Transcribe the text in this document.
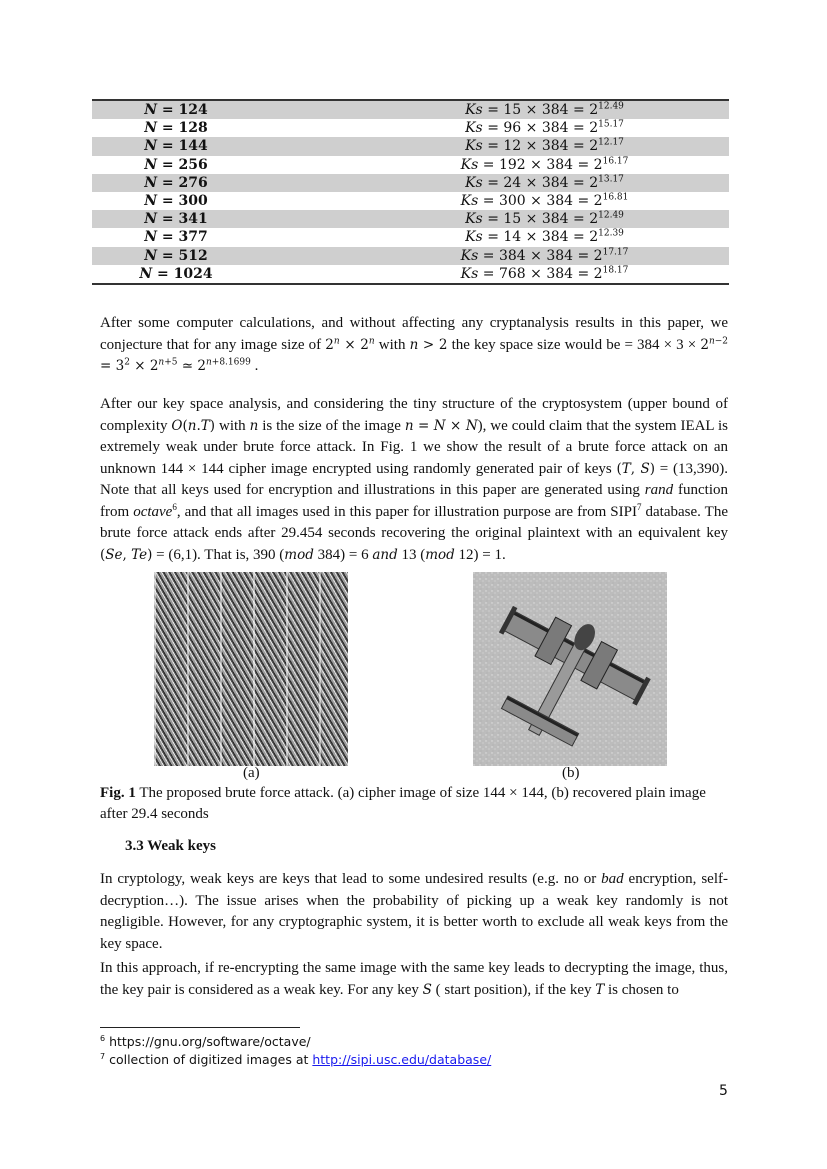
N = 124	$Ks = 15 \times 384 = 2^{12.49}$
N = 128	$Ks = 96 \times 384 = 2^{15.17}$
N = 144	$Ks = 12 \times 384 = 2^{12.17}$
N = 256	$Ks = 192 \times 384 = 2^{16.17}$
N = 276	$Ks = 24 \times 384 = 2^{13.17}$
N = 300	$Ks = 300 \times 384 = 2^{16.81}$
N = 341	$Ks = 15 \times 384 = 2^{12.49}$
N = 377	$Ks = 14 \times 384 = 2^{12.39}$
N = 512	$Ks = 384 \times 384 = 2^{17.17}$
N = 1024	$Ks = 768 \times 384 = 2^{18.17}$
After some computer calculations, and without affecting any cryptanalysis results in this paper, we conjecture that for any image size of $2^n \times 2^n$ with n > 2 the key space size would be = $384 \times 3 \times 2^{n-2} = 3^2 \times 2^{n+5}$ ≃ $2^{n+8.1699}$ .
After our key space analysis, and considering the tiny structure of the cryptosystem (upper bound of complexity O(n.T) with n is the size of the image n = N × N), we could claim that the system IEAL is extremely weak under brute force attack. In Fig. 1 we show the result of a brute force attack on an unknown 144 × 144 cipher image encrypted using randomly generated pair of keys (T, S) = (13,390). Note that all keys used for encryption and illustrations in this paper are generated using rand function from octave$^6$, and that all images used in this paper for illustration purpose are from SIPI$^7$ database. The brute force attack ends after 29.454 seconds recovering the original plaintext with an equivalent key (Se, Te) = (6,1). That is, 390 (mod 384) = 6 and 13 (mod 12) = 1.
(a)	(b)
Fig. 1 The proposed brute force attack. (a) cipher image of size 144 × 144, (b) recovered plain image after 29.4 seconds
3.3 Weak keys
In cryptology, weak keys are keys that lead to some undesired results (e.g. no or bad encryption, self-decryption…). The issue arises when the probability of picking up a weak key randomly is not negligible. However, for any cryptographic system, it is better worth to exclude all weak keys from the key space.
In this approach, if re-encrypting the same image with the same key leads to decrypting the image, thus, the key pair is considered as a weak key. For any key S ( start position), if the key T is chosen to
$^6$ https://gnu.org/software/octave/
$^7$ collection of digitized images at http://sipi.usc.edu/database/
5
